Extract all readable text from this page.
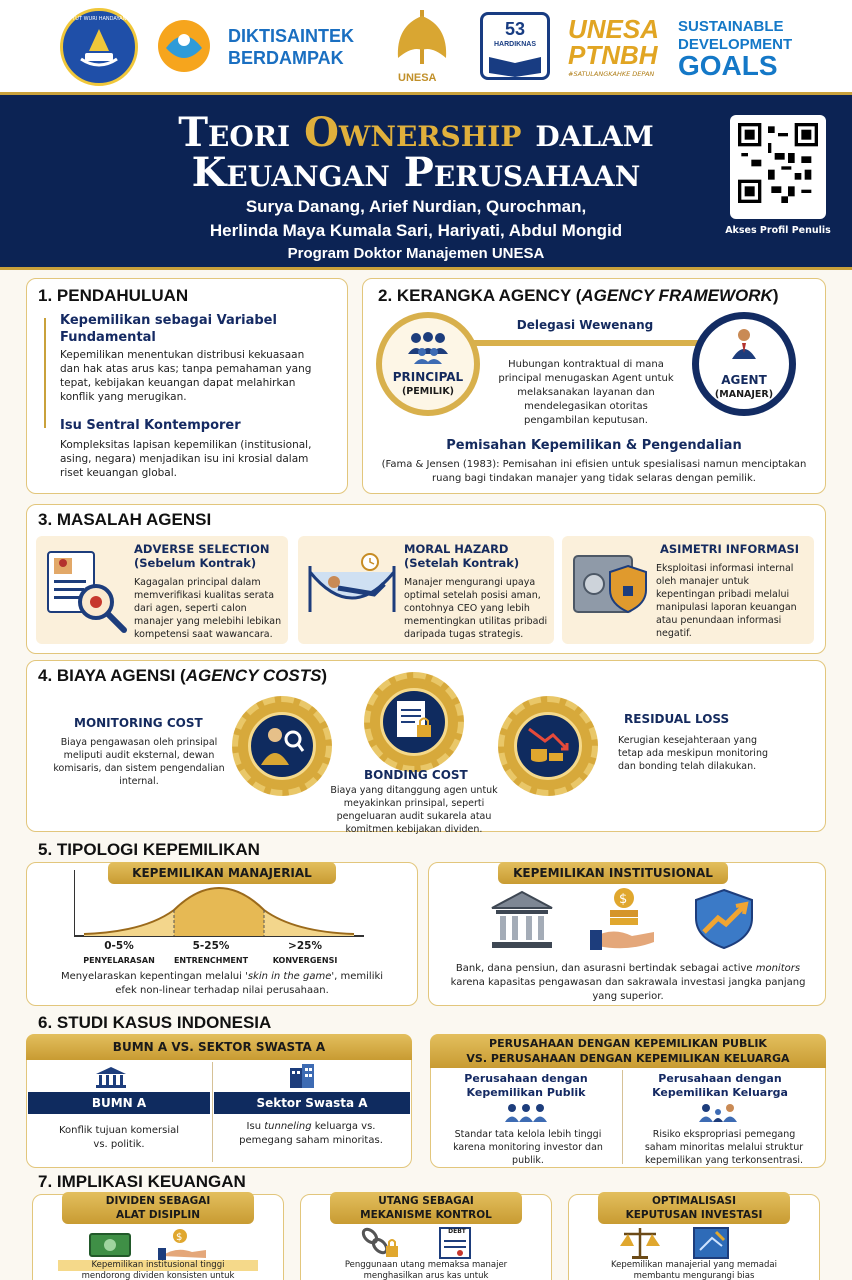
TUT WURI HANDAYANI
DIKTISAINTEK
BERDAMPAK
UNESA
53
HARDIKNAS
UNESA
PTNBH
#SATULANGKAHKE DEPAN
SUSTAINABLE
DEVELOPMENT
GOALS
Teori Ownership dalam
Keuangan Perusahaan
Surya Danang, Arief Nurdian, Qurochman,
Herlinda Maya Kumala Sari, Hariyati, Abdul Mongid
Program Doktor Manajemen UNESA
Akses Profil Penulis
1. PENDAHULUAN
Kepemilikan sebagai Variabel Fundamental
Kepemilikan menentukan distribusi kekuasaan dan hak atas arus kas; tanpa pemahaman yang tepat, kebijakan keuangan dapat melahirkan konflik yang merugikan.
Isu Sentral Kontemporer
Kompleksitas lapisan kepemilikan (institusional, asing, negara) menjadikan isu ini krosial dalam riset keuangan global.
2. KERANGKA AGENCY (AGENCY FRAMEWORK)
Delegasi Wewenang
PRINCIPAL
(PEMILIK)
AGENT
(MANAJER)
Hubungan kontraktual di mana principal menugaskan Agent untuk melaksanakan layanan dan mendelegasikan otoritas pengambilan keputusan.
Pemisahan Kepemilikan & Pengendalian
(Fama & Jensen (1983): Pemisahan ini efisien untuk spesialisasi namun menciptakan ruang bagi tindakan manajer yang tidak selaras dengan pemilik.
3. MASALAH AGENSI
ADVERSE SELECTION
(Sebelum Kontrak)
Kagagalan principal dalam memverifikasi kualitas serata dari agen, seperti calon manajer yang melebihi lebikan kompetensi saat wawancara.
MORAL HAZARD
(Setelah Kontrak)
Manajer mengurangi upaya optimal setelah posisi aman, contohnya CEO yang lebih mementingkan utilitas pribadi daripada tugas strategis.
ASIMETRI INFORMASI
Eksploitasi informasi internal oleh manajer untuk kepentingan pribadi melalui manipulasi laporan keuangan atau penundaan informasi negatif.
4. BIAYA AGENSI (AGENCY COSTS)
MONITORING COST
Biaya pengawasan oleh prinsipal meliputi audit eksternal, dewan komisaris, dan sistem pengendalian internal.	BONDING COST
Biaya yang ditanggung agen untuk meyakinkan prinsipal, seperti pengeluaran audit sukarela atau komitmen kebijakan dividen.
RESIDUAL LOSS
Kerugian kesejahteraan yang tetap ada meskipun monitoring dan bonding telah dilakukan.
5. TIPOLOGI KEPEMILIKAN
KEPEMILIKAN MANAJERIAL
0-5%	5-25%	>25%
PENYELARASAN	ENTRENCHMENT	KONVERGENSI
Menyelaraskan kepentingan melalui 'skin in the game', memiliki efek non-linear terhadap nilai perusahaan.
KEPEMILIKAN INSTITUSIONAL
$
Bank, dana pensiun, dan asurasni bertindak sebagai active monitors karena kapasitas pengawasan dan sakrawala investasi jangka panjang yang superior.
6. STUDI KASUS INDONESIA
BUMN A VS. SEKTOR SWASTA A
BUMN A	Sektor Swasta A
Konflik tujuan komersial vs. politik.
Isu tunneling keluarga vs. pemegang saham minoritas.
PERUSAHAAN DENGAN KEPEMILIKAN PUBLIK
VS. PERUSAHAAN DENGAN KEPEMILIKAN KELUARGA
Perusahaan dengan Kepemilikan Publik
Perusahaan dengan Kepemilikan Keluarga
Standar tata kelola lebih tinggi karena monitoring investor dan publik.
Risiko ekspropriasi pemegang saham minoritas melalui struktur kepemilikan yang terkonsentrasi.
7. IMPLIKASI KEUANGAN
DIVIDEN SEBAGAI
ALAT DISIPLIN
$
Kepemilikan institusional tinggi
mendorong dividen konsisten untuk
UTANG SEBAGAI
MEKANISME KONTROL
DEBT
Penggunaan utang memaksa manajer
menghasilkan arus kas untuk
OPTIMALISASI
KEPUTUSAN INVESTASI
Kepemilikan manajerial yang memadai
membantu mengurangi bias
